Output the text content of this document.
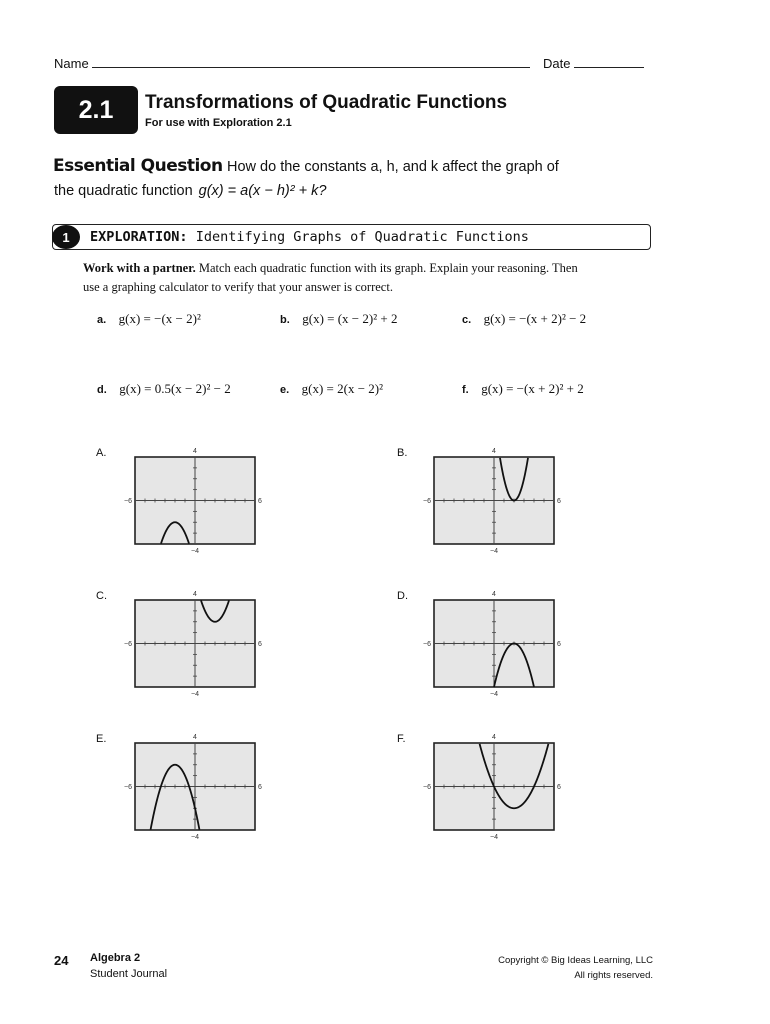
Name	Date
2.1	Transformations of Quadratic Functions
For use with Exploration 2.1
Essential Question How do the constants a, h, and k affect the graph of
the quadratic function g(x) = a(x − h)² + k?
1	EXPLORATION: Identifying Graphs of Quadratic Functions
Work with a partner. Match each quadratic function with its graph. Explain your reasoning. Then use a graphing calculator to verify that your answer is correct.
a. g(x) = −(x − 2)²	b. g(x) = (x − 2)² + 2	c. g(x) = −(x + 2)² − 2
d. g(x) = 0.5(x − 2)² − 2	e. g(x) = 2(x − 2)²	f. g(x) = −(x + 2)² + 2
A.	B.
C.	D.
E.	F.
4
−4
−6	6
4
−4
−6	6
4
−4
−6	6
4
−4
−6	6
4
−4
−6	6
4
−4
−6	6
24 Algebra 2
Student Journal
Copyright © Big Ideas Learning, LLC
All rights reserved.
